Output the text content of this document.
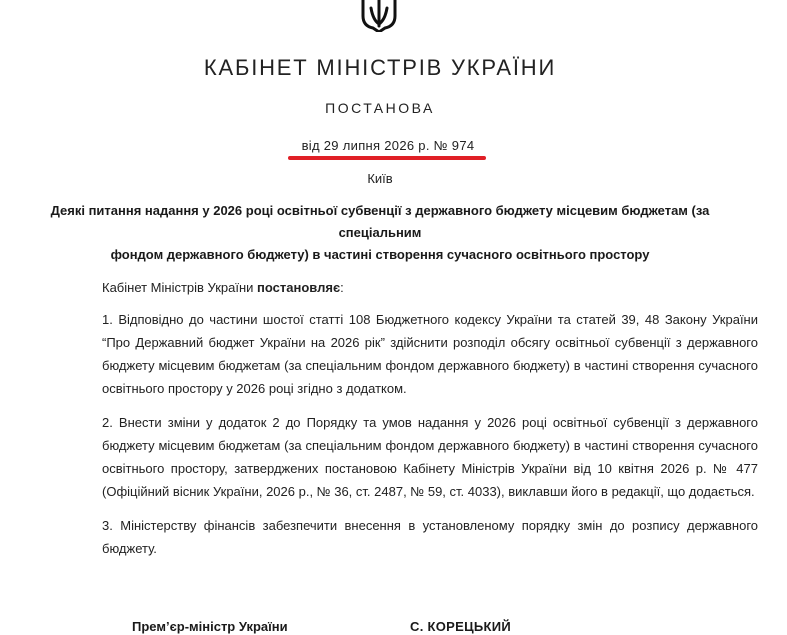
КАБІНЕТ МІНІСТРІВ УКРАЇНИ
ПОСТАНОВА
від 29 липня 2026 р. № 974
Київ
Деякі питання надання у 2026 році освітньої субвенції з державного бюджету місцевим бюджетам (за спеціальним
фондом державного бюджету) в частині створення сучасного освітнього простору

Кабінет Міністрів України постановляє:

1. Відповідно до частини шостої статті 108 Бюджетного кодексу України та статей 39, 48 Закону України “Про Державний бюджет України на 2026 рік” здійснити розподіл обсягу освітньої субвенції з державного бюджету місцевим бюджетам (за спеціальним фондом державного бюджету) в частині створення сучасного освітнього простору у 2026 році згідно з додатком.

2. Внести зміни у додаток 2 до Порядку та умов надання у 2026 році освітньої субвенції з державного бюджету місцевим бюджетам (за спеціальним фондом державного бюджету) в частині створення сучасного освітнього простору, затверджених постановою Кабінету Міністрів України від 10 квітня 2026 р. № 477 (Офіційний вісник України, 2026 р., № 36, ст. 2487, № 59, ст. 4033), виклавши його в редакції, що додається.

3. Міністерству фінансів забезпечити внесення в установленому порядку змін до розпису державного бюджету.

Прем’єр-міністр України	С. КОРЕЦЬКИЙ
